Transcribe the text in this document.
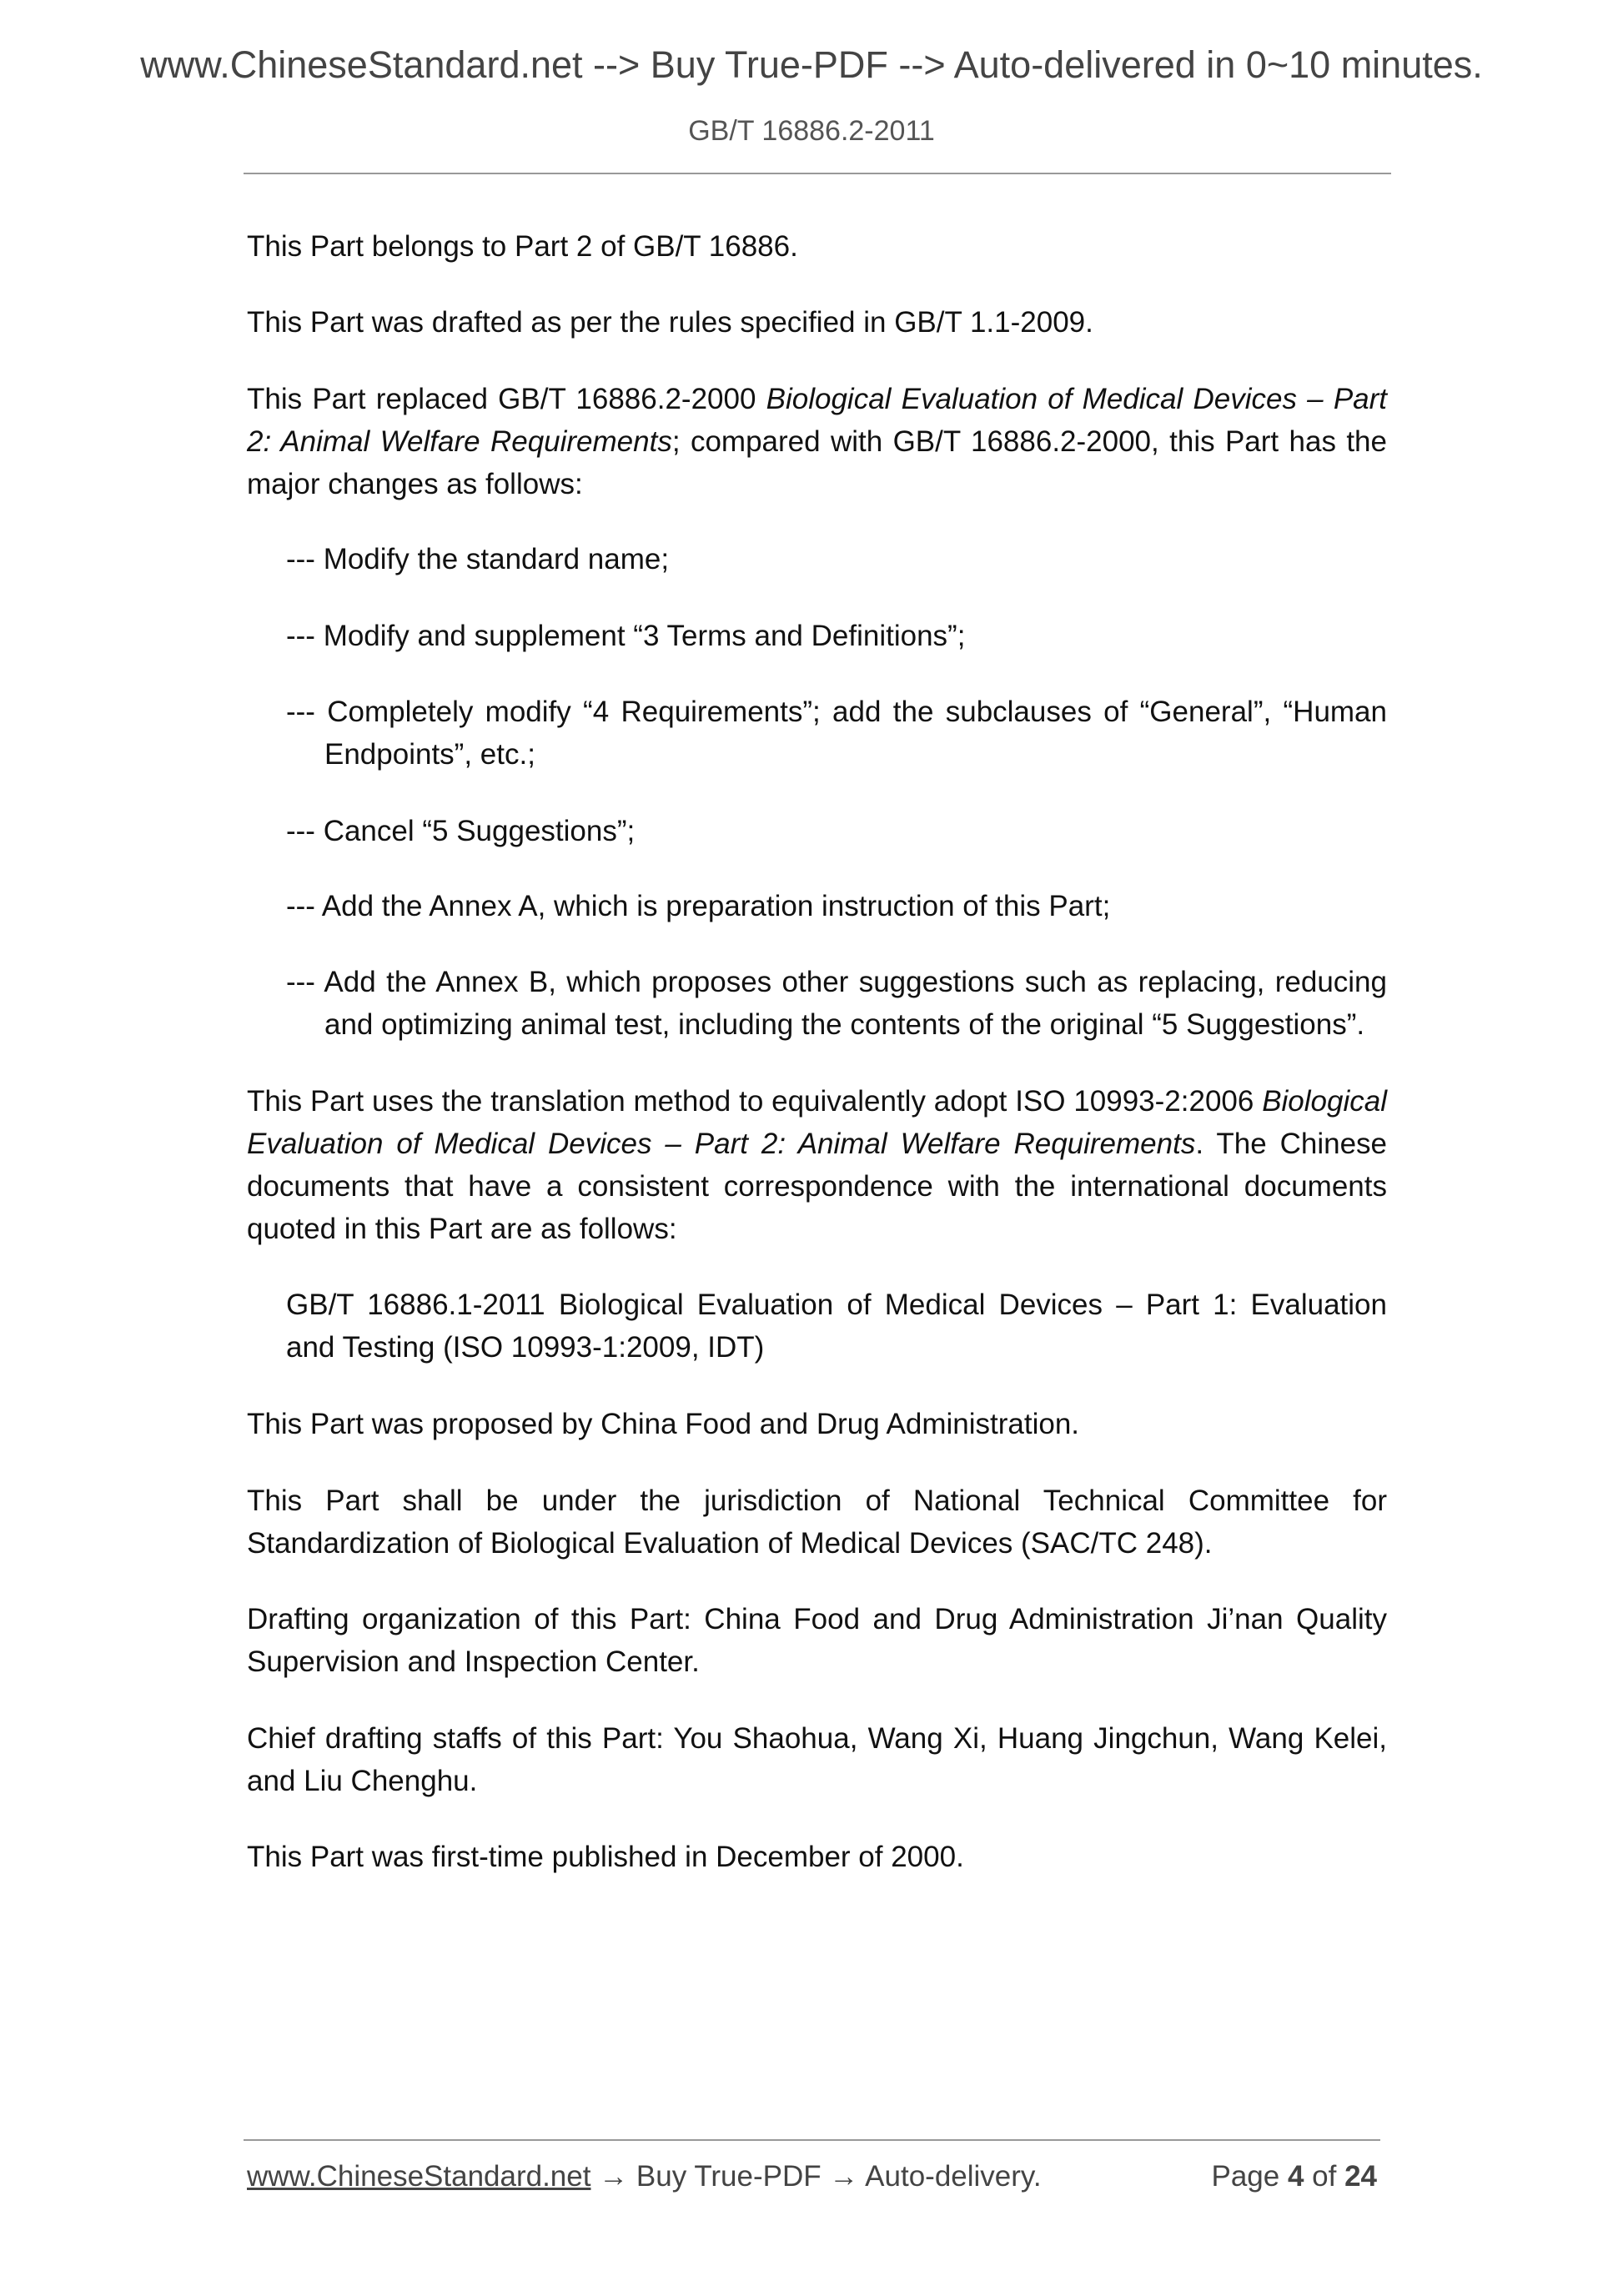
www.ChineseStandard.net --> Buy True-PDF --> Auto-delivered in 0~10 minutes.
GB/T 16886.2-2011
This Part belongs to Part 2 of GB/T 16886.
This Part was drafted as per the rules specified in GB/T 1.1-2009.
This Part replaced GB/T 16886.2-2000 Biological Evaluation of Medical Devices – Part 2: Animal Welfare Requirements; compared with GB/T 16886.2-2000, this Part has the major changes as follows:
--- Modify the standard name;
--- Modify and supplement “3 Terms and Definitions”;
--- Completely modify “4 Requirements”; add the subclauses of “General”, “Human Endpoints”, etc.;
--- Cancel “5 Suggestions”;
--- Add the Annex A, which is preparation instruction of this Part;
--- Add the Annex B, which proposes other suggestions such as replacing, reducing and optimizing animal test, including the contents of the original “5 Suggestions”.
This Part uses the translation method to equivalently adopt ISO 10993-2:2006 Biological Evaluation of Medical Devices – Part 2: Animal Welfare Requirements. The Chinese documents that have a consistent correspondence with the international documents quoted in this Part are as follows:
GB/T 16886.1-2011 Biological Evaluation of Medical Devices – Part 1: Evaluation and Testing (ISO 10993-1:2009, IDT)
This Part was proposed by China Food and Drug Administration.
This Part shall be under the jurisdiction of National Technical Committee for Standardization of Biological Evaluation of Medical Devices (SAC/TC 248).
Drafting organization of this Part: China Food and Drug Administration Ji’nan Quality Supervision and Inspection Center.
Chief drafting staffs of this Part: You Shaohua, Wang Xi, Huang Jingchun, Wang Kelei, and Liu Chenghu.
This Part was first-time published in December of 2000.
www.ChineseStandard.net → Buy True-PDF → Auto-delivery.	Page 4 of 24
